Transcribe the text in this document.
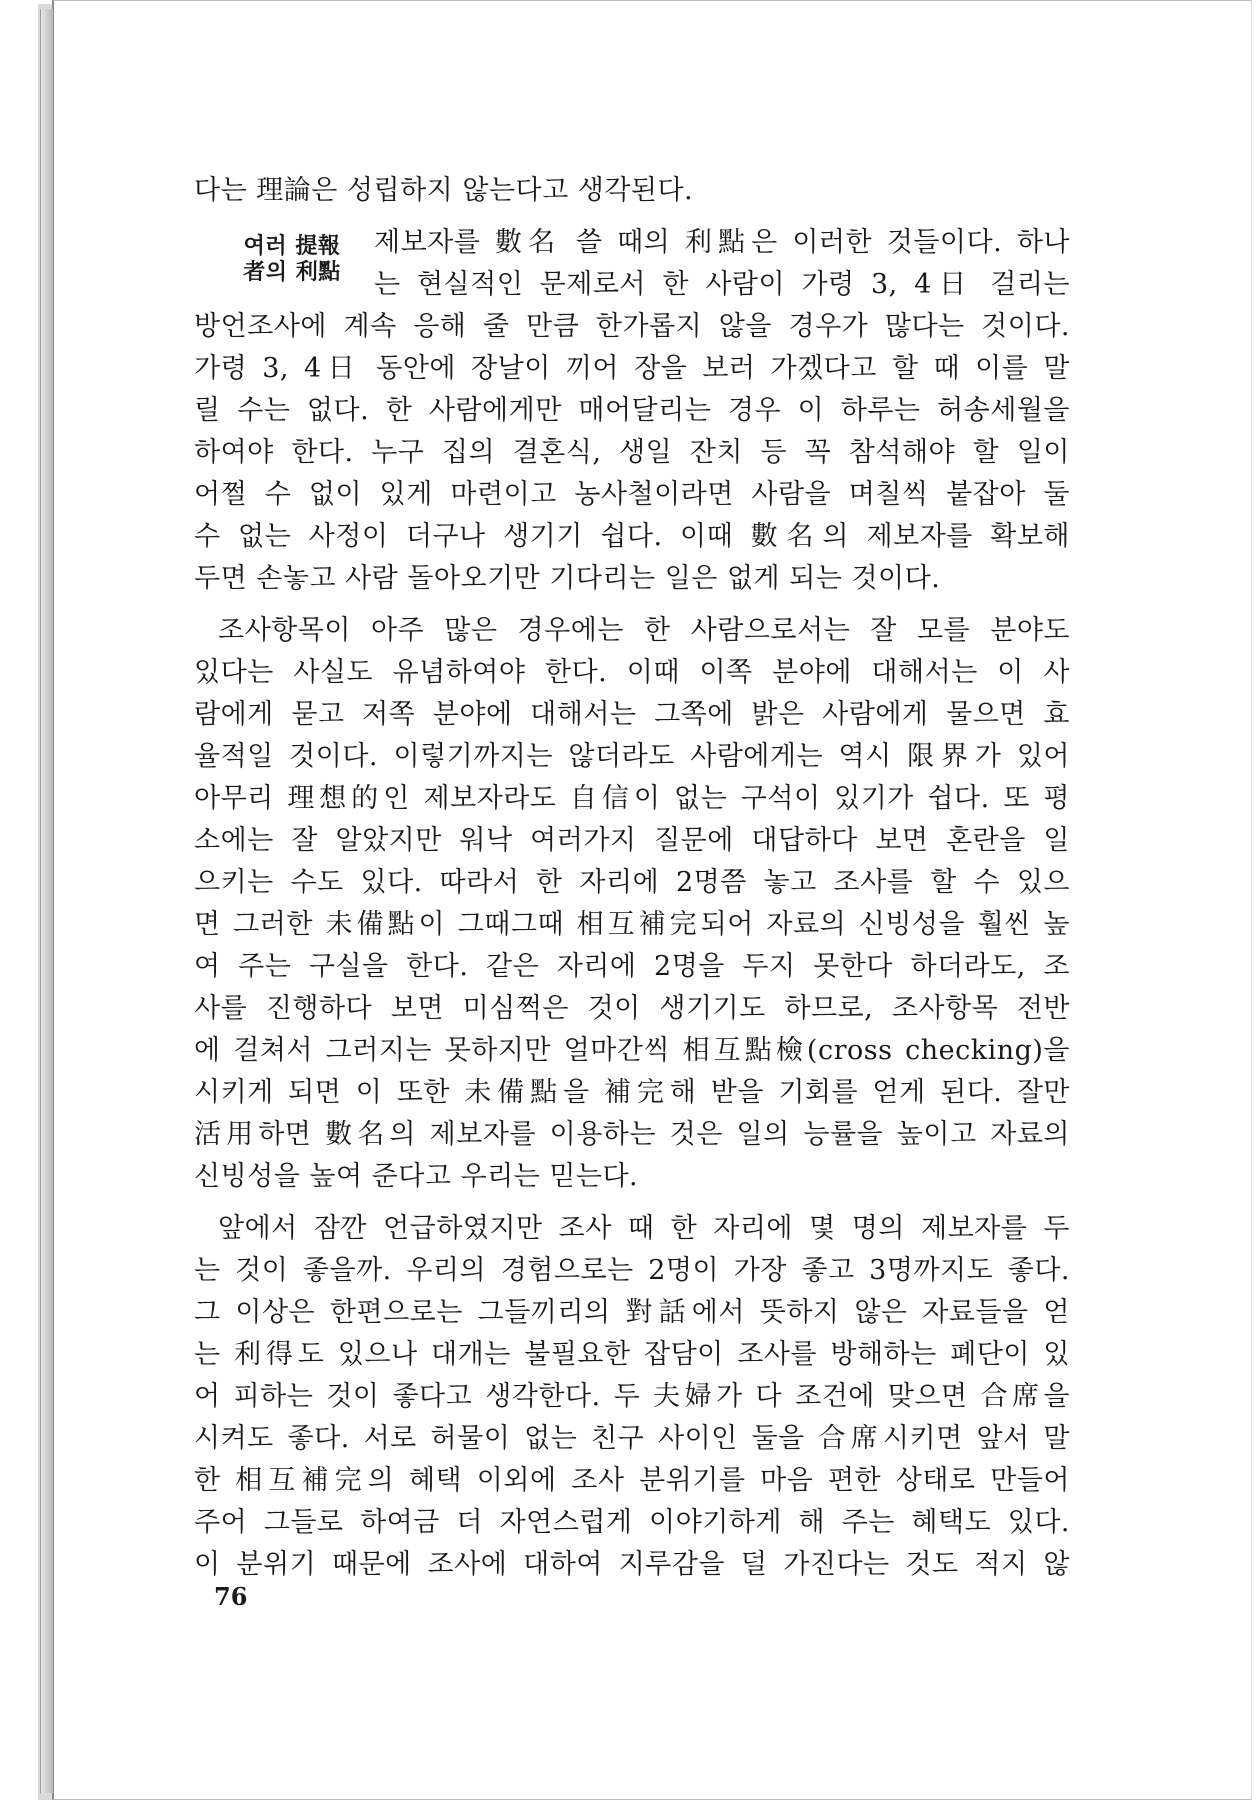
다는 理論은 성립하지 않는다고 생각된다.
여러 提報
者의 利點
제보자를 數名 쓸 때의 利點은 이러한 것들이다. 하나
는 현실적인 문제로서 한 사람이 가령 3, 4日 걸리는
방언조사에 계속 응해 줄 만큼 한가롭지 않을 경우가 많다는 것이다.
가령 3, 4日 동안에 장날이 끼어 장을 보러 가겠다고 할 때 이를 말
릴 수는 없다. 한 사람에게만 매어달리는 경우 이 하루는 허송세월을
하여야 한다. 누구 집의 결혼식, 생일 잔치 등 꼭 참석해야 할 일이
어쩔 수 없이 있게 마련이고 농사철이라면 사람을 며칠씩 붙잡아 둘
수 없는 사정이 더구나 생기기 쉽다. 이때 數名의 제보자를 확보해
두면 손놓고 사람 돌아오기만 기다리는 일은 없게 되는 것이다.
조사항목이 아주 많은 경우에는 한 사람으로서는 잘 모를 분야도
있다는 사실도 유념하여야 한다. 이때 이쪽 분야에 대해서는 이 사
람에게 묻고 저쪽 분야에 대해서는 그쪽에 밝은 사람에게 물으면 효
율적일 것이다. 이렇기까지는 않더라도 사람에게는 역시 限界가 있어
아무리 理想的인 제보자라도 自信이 없는 구석이 있기가 쉽다. 또 평
소에는 잘 알았지만 워낙 여러가지 질문에 대답하다 보면 혼란을 일
으키는 수도 있다. 따라서 한 자리에 2명쯤 놓고 조사를 할 수 있으
면 그러한 未備點이 그때그때 相互補完되어 자료의 신빙성을 훨씬 높
여 주는 구실을 한다. 같은 자리에 2명을 두지 못한다 하더라도, 조
사를 진행하다 보면 미심쩍은 것이 생기기도 하므로, 조사항목 전반
에 걸쳐서 그러지는 못하지만 얼마간씩 相互點檢(cross checking)을
시키게 되면 이 또한 未備點을 補完해 받을 기회를 얻게 된다. 잘만
活用하면 數名의 제보자를 이용하는 것은 일의 능률을 높이고 자료의
신빙성을 높여 준다고 우리는 믿는다.
앞에서 잠깐 언급하였지만 조사 때 한 자리에 몇 명의 제보자를 두
는 것이 좋을까. 우리의 경험으로는 2명이 가장 좋고 3명까지도 좋다.
그 이상은 한편으로는 그들끼리의 對話에서 뜻하지 않은 자료들을 얻
는 利得도 있으나 대개는 불필요한 잡담이 조사를 방해하는 폐단이 있
어 피하는 것이 좋다고 생각한다. 두 夫婦가 다 조건에 맞으면 合席을
시켜도 좋다. 서로 허물이 없는 친구 사이인 둘을 合席시키면 앞서 말
한 相互補完의 혜택 이외에 조사 분위기를 마음 편한 상태로 만들어
주어 그들로 하여금 더 자연스럽게 이야기하게 해 주는 혜택도 있다.
이 분위기 때문에 조사에 대하여 지루감을 덜 가진다는 것도 적지 않
76
